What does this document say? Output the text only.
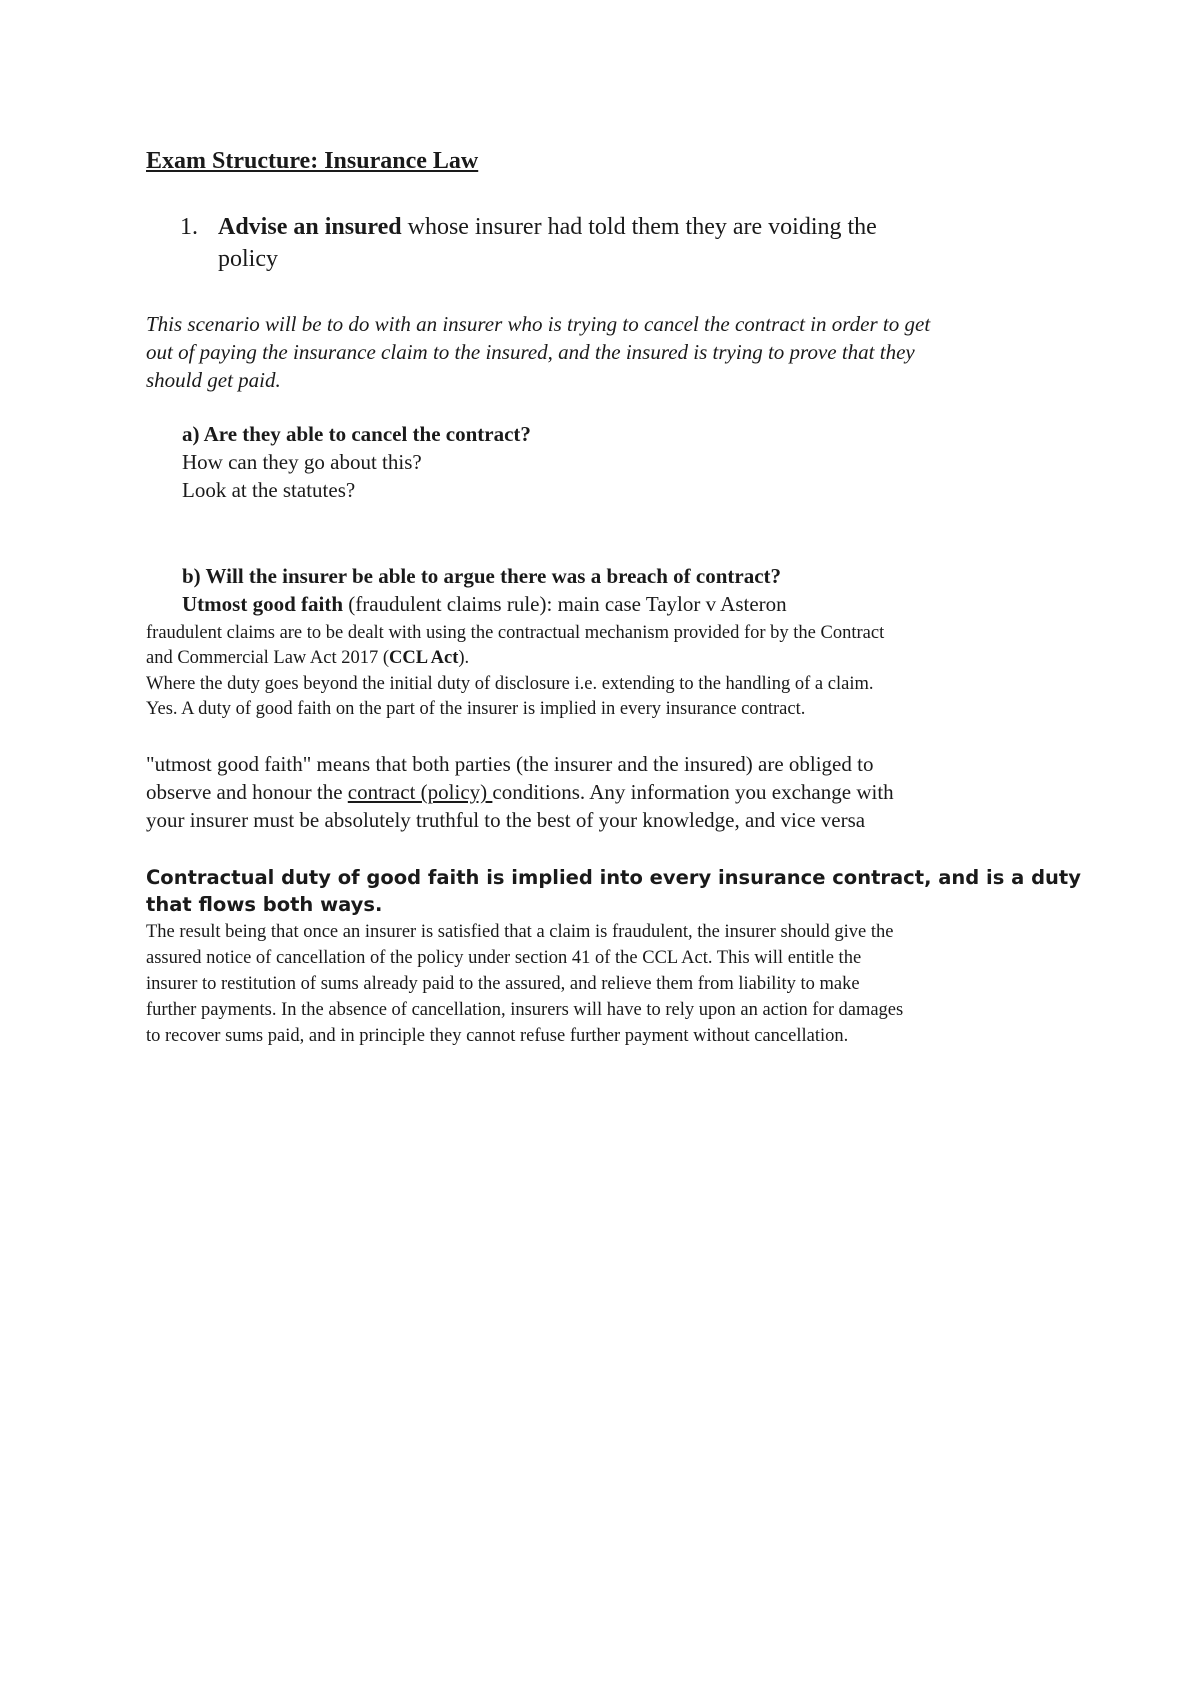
Exam Structure: Insurance Law
1. Advise an insured whose insurer had told them they are voiding the
policy
This scenario will be to do with an insurer who is trying to cancel the contract in order to get
out of paying the insurance claim to the insured, and the insured is trying to prove that they
should get paid.
a) Are they able to cancel the contract?
How can they go about this?
Look at the statutes?
b) Will the insurer be able to argue there was a breach of contract?
Utmost good faith (fraudulent claims rule): main case Taylor v Asteron
fraudulent claims are to be dealt with using the contractual mechanism provided for by the Contract
and Commercial Law Act 2017 (CCL Act).
Where the duty goes beyond the initial duty of disclosure i.e. extending to the handling of a claim.
Yes. A duty of good faith on the part of the insurer is implied in every insurance contract.
"utmost good faith" means that both parties (the insurer and the insured) are obliged to
observe and honour the contract (policy) conditions. Any information you exchange with
your insurer must be absolutely truthful to the best of your knowledge, and vice versa
Contractual duty of good faith is implied into every insurance contract, and is a duty
that flows both ways.
The result being that once an insurer is satisfied that a claim is fraudulent, the insurer should give the
assured notice of cancellation of the policy under section 41 of the CCL Act. This will entitle the
insurer to restitution of sums already paid to the assured, and relieve them from liability to make
further payments. In the absence of cancellation, insurers will have to rely upon an action for damages
to recover sums paid, and in principle they cannot refuse further payment without cancellation.
